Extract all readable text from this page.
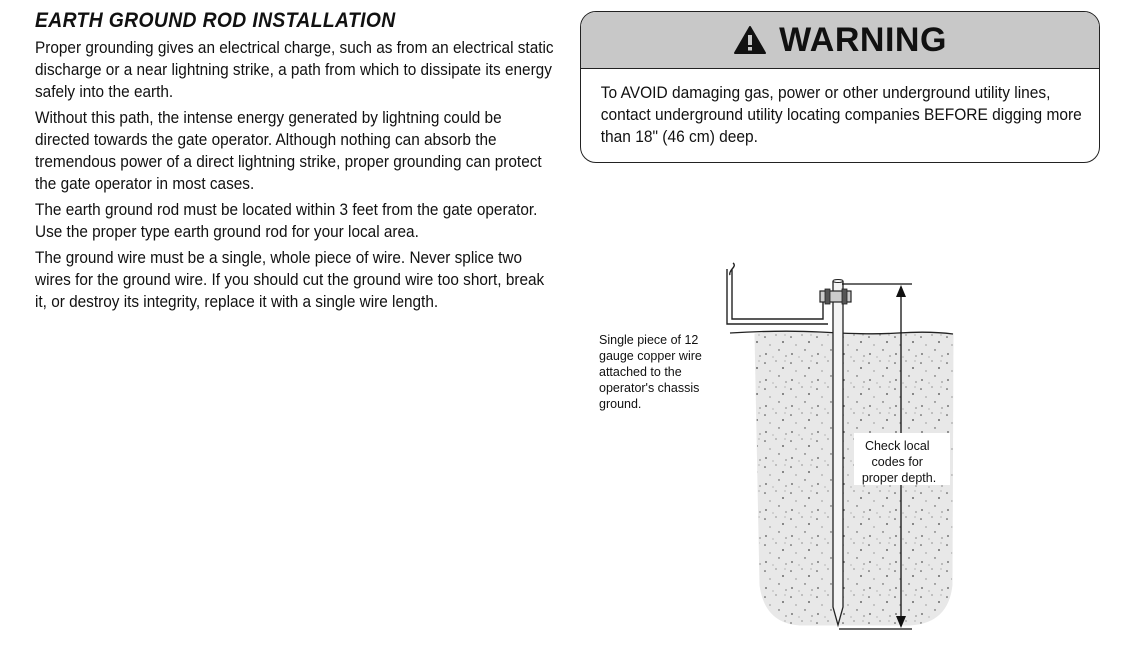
EARTH GROUND ROD INSTALLATION

Proper grounding gives an electrical charge, such as from an electrical static discharge or a near lightning strike, a path from which to dissipate its energy safely into the earth.

Without this path, the intense energy generated by lightning could be directed towards the gate operator. Although nothing can absorb the tremendous power of a direct lightning strike, proper grounding can protect the gate operator in most cases.

The earth ground rod must be located within 3 feet from the gate operator. Use the proper type earth ground rod for your local area.

The ground wire must be a single, whole piece of wire. Never splice two wires for the ground wire. If you should cut the ground wire too short, break it, or destroy its integrity, replace it with a single wire length.

WARNING
To AVOID damaging gas, power or other underground utility lines, contact underground utility locating companies BEFORE digging more than 18" (46 cm) deep.
Single piece of 12 gauge copper wire attached to the operator's chassis ground.
Check local codes for proper depth.
